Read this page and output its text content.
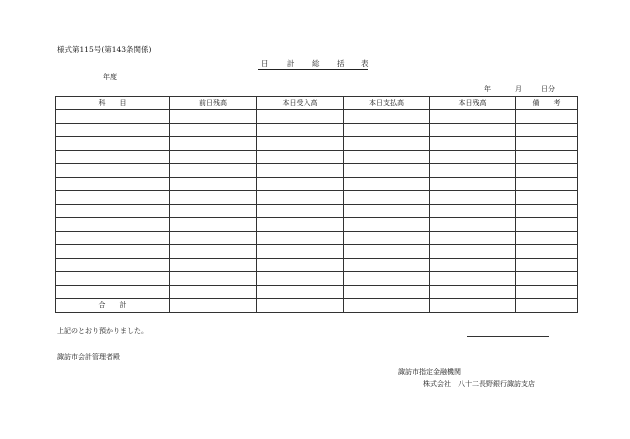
様式第115号(第143条関係)
日 計 総 括 表
年度
年	月	日分
科　　目	前日残高	本日受入高	本日支払高	本日残高	備　　考

合　　計					
上記のとおり預かりました。
諏訪市会計管理者殿
諏訪市指定金融機関
株式会社　八十二長野銀行諏訪支店
